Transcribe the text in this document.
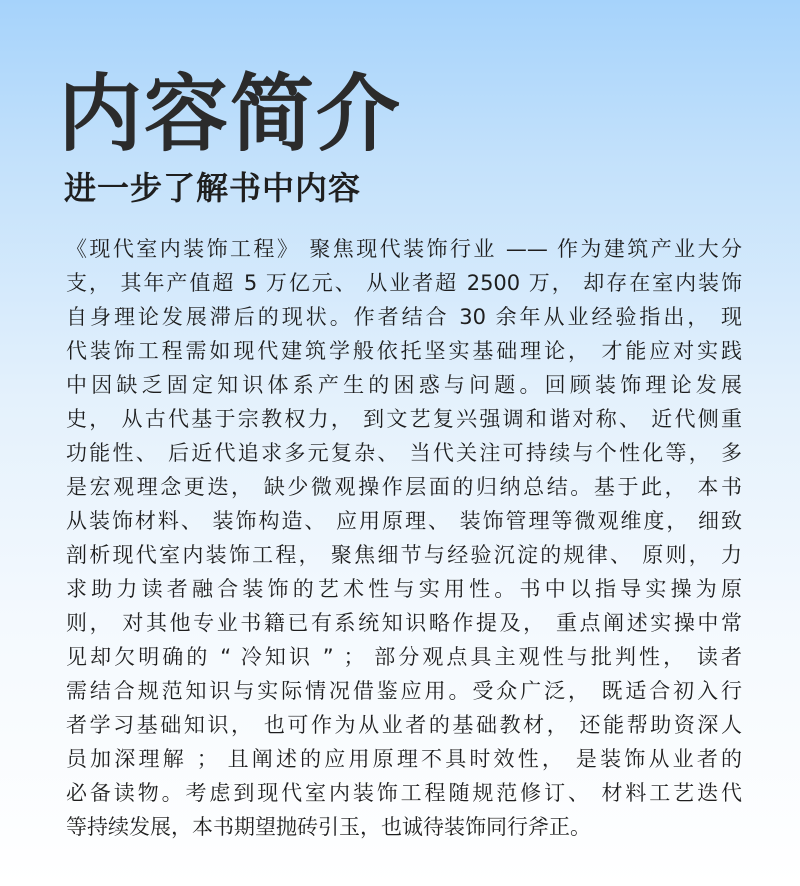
内容简介
进一步了解书中内容
《现代室内装饰工程》 聚焦现代装饰行业 —— 作为建筑产业大分
支， 其年产值超 5 万亿元、 从业者超 2500 万， 却存在室内装饰
自身理论发展滞后的现状。作者结合 30 余年从业经验指出， 现
代装饰工程需如现代建筑学般依托坚实基础理论， 才能应对实践
中因缺乏固定知识体系产生的困惑与问题。回顾装饰理论发展
史， 从古代基于宗教权力， 到文艺复兴强调和谐对称、 近代侧重
功能性、 后近代追求多元复杂、 当代关注可持续与个性化等， 多
是宏观理念更迭， 缺少微观操作层面的归纳总结。基于此， 本书
从装饰材料、 装饰构造、 应用原理、 装饰管理等微观维度， 细致
剖析现代室内装饰工程， 聚焦细节与经验沉淀的规律、 原则， 力
求助力读者融合装饰的艺术性与实用性。书中以指导实操为原
则， 对其他专业书籍已有系统知识略作提及， 重点阐述实操中常
见却欠明确的 “ 冷知识 ” ； 部分观点具主观性与批判性， 读者
需结合规范知识与实际情况借鉴应用。受众广泛， 既适合初入行
者学习基础知识， 也可作为从业者的基础教材， 还能帮助资深人
员加深理解 ； 且阐述的应用原理不具时效性， 是装饰从业者的
必备读物。考虑到现代室内装饰工程随规范修订、 材料工艺迭代
等持续发展，本书期望抛砖引玉，也诚待装饰同行斧正。
